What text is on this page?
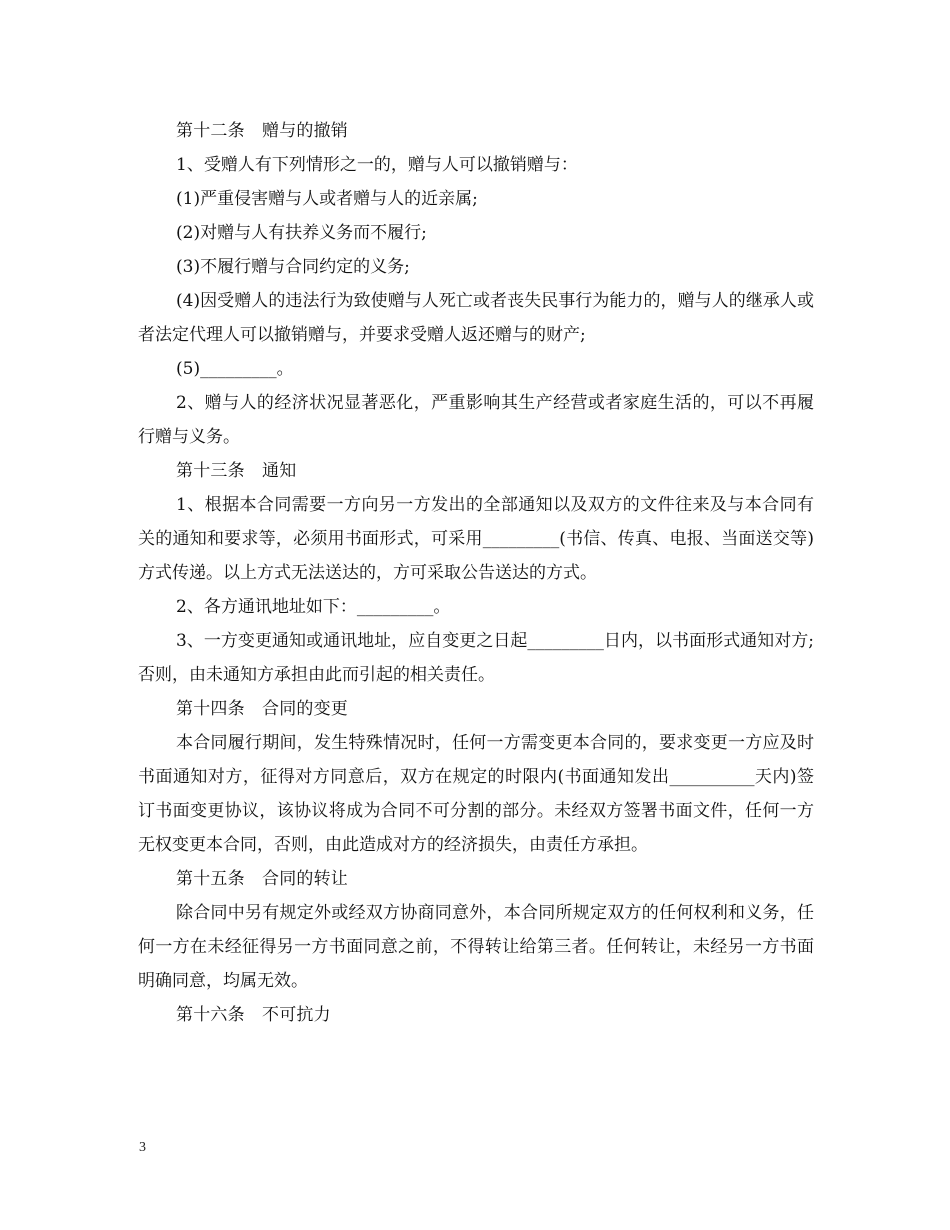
第十二条　赠与的撤销

1、受赠人有下列情形之一的，赠与人可以撤销赠与：

(1)严重侵害赠与人或者赠与人的近亲属;

(2)对赠与人有扶养义务而不履行;

(3)不履行赠与合同约定的义务;

(4)因受赠人的违法行为致使赠与人死亡或者丧失民事行为能力的，赠与人的继承人或者法定代理人可以撤销赠与，并要求受赠人返还赠与的财产;

(5)_________。

2、赠与人的经济状况显著恶化，严重影响其生产经营或者家庭生活的，可以不再履行赠与义务。

第十三条　通知

1、根据本合同需要一方向另一方发出的全部通知以及双方的文件往来及与本合同有关的通知和要求等，必须用书面形式，可采用_________(书信、传真、电报、当面送交等)方式传递。以上方式无法送达的，方可采取公告送达的方式。

2、各方通讯地址如下：_________。

3、一方变更通知或通讯地址，应自变更之日起_________日内，以书面形式通知对方;否则，由未通知方承担由此而引起的相关责任。

第十四条　合同的变更

本合同履行期间，发生特殊情况时，任何一方需变更本合同的，要求变更一方应及时书面通知对方，征得对方同意后，双方在规定的时限内(书面通知发出__________天内)签订书面变更协议，该协议将成为合同不可分割的部分。未经双方签署书面文件，任何一方无权变更本合同，否则，由此造成对方的经济损失，由责任方承担。

第十五条　合同的转让

除合同中另有规定外或经双方协商同意外，本合同所规定双方的任何权利和义务，任何一方在未经征得另一方书面同意之前，不得转让给第三者。任何转让，未经另一方书面明确同意，均属无效。

第十六条　不可抗力

3
